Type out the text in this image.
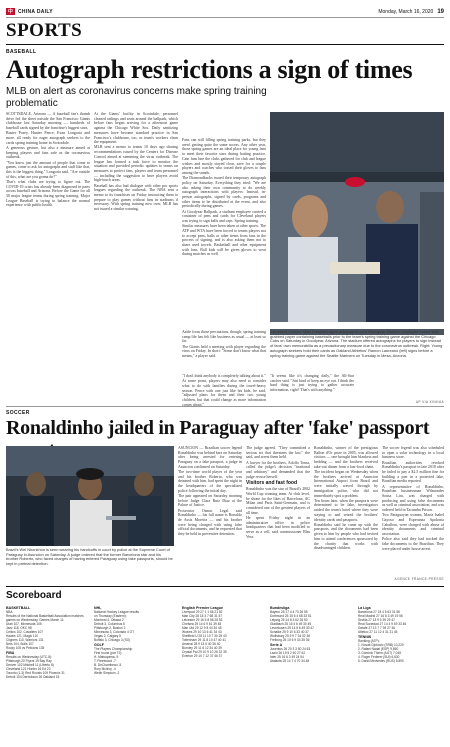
中 CHINA DAILY	Monday, March 16, 2020 19
SPORTS
BASEBALL
Autograph restrictions a sign of times
MLB on alert as coronavirus concerns make spring training problematic

SCOTTSDALE, Arizona — A baseball fan's thumb drive fed the sheet outside the San Francisco Giants clubhouse last Saturday morning — hundreds of baseball cards signed by the franchise's biggest stars.

Buster Posey, Hunter Pence, Evan Longoria and more, all ready for eager autograph seekers to the cards spring training home in Scottsdale.

A generous gesture, but also a measure aimed at keeping players and fans safe as the coronavirus outbreak.

"You know just the amount of people that come to games, come to ask for autographs and stuff like that, this is the biggest thing," Longoria said. "Are outside of this, what are you gonna do?"

That's what clubs are trying to figure out. The COVID-19 crisis has already been diagnosed in parts across baseball and Arizona. Before the Game for all 30 major league teams during spring training, Major League Baseball is trying to balance the normal experience with public health.

At the Giants' facility in Scottsdale, personnel cleaned railings and seats around the ballpark, which before fans began arriving for a afternoon game against the Chicago White Sox. Daily sanitizing measures have become standard practice in San Francisco's clubhouse, too, as team's workers clean the equipment.

MLB sent a memo to teams 10 days ago sharing recommendations issued by the Centers for Disease Control aimed at stemming the virus outbreak. The league has formed a task force to monitor the situation and provided periodic updates to teams on measures to protect fans, players and team personnel — including the suggestion to have players avoid high-touch areas.

Baseball has also had dialogue with other pro sports leagues regarding the outbreak. The NBA sent a memo to its franchises on Friday instructing them to prepare to play games without fans in stadiums if necessary. With spring training now over, MLB has not issued a similar warning.

Fans can still filling spring training parks, but they aren't getting quite the same access. Any other year, those spring games are an ideal place for young fans to meet their favorite stars during batting practice. Cain fans line the clubs gathered for club and league wishes and mostly stayed clear, save for a couple players and coaches who tossed their gloves to fans among the stands.

The Diamondbacks issued their temporary autograph policy on Saturday. Everything they tried: "We are also asking their own community to do weekly autograph interactions with players. Instead, in-person autographs, signed by cards, programs and other items to be distributed at the event, and also periodically during games.

At Goodyear Ballpark, a stadium employee carried a container of pens and cards for Cleveland players was trying to sign balls and caps. Spring training.

Similar measures have been taken at other sports. The ATP and WTA have been forced to tennis players not to accept pens, balls or other items from fans in the process of signing, and is also asking them not to share used towels. Basketball and other equipment with fans. Ball kids will be given gloves to wear during matches as well.

Aside from those precautions, though, spring training camp life has felt like business as usual — at least so far.

The Giants held a meeting with player regarding the virus on Friday. In short: "Some don't know what that means," a player said.

Cleveland Indians' Mike Freeman signs autographs on a Goodyear Stadium employee before fans grabbed paper containing baseballs prior to the team's spring training game against the Chicago Cubs on Saturday in Goodyear, Arizona. The stadium offered autographs for players to sign instead of fans' own memorabilia as a precautionary measure due to the coronavirus outbreak. Right: Young autograph seekers hold their cards as Oakland Athletics' Ramon Laureano (left) signs before a spring training game against the Seattle Mariners on Tuesday in Mesa, Arizona.

"I don't think anybody is completely talking about it."

At some point, players may also need to consider what to do with families during the travel-heavy season. Pence with one just like his kids, he said, "adjusted plans for them and their two young children, but that could change as more information comes about."

"It seems like it's changing daily," the All-Star catcher said. "Just kind of keep an eye out. I think the hard thing is just trying to gather accurate information, right? That's with anything."

AP VIA XINHUA
SOCCER
Ronaldinho jailed in Paraguay after 'fake' passport
Brazil's Wei Nhonkhon is seen wearing his handcuffs in court by police at the Supreme Court of Paraguay in Asuncion on Saturday. A judge ordered that the former Barcelona star and his brother Roberto, who faced charges of having entered Paraguay using fake passports, should be kept in pretrial detention.

ASUNCION — Brazilian soccer legend Ronaldinho was behind bars on Saturday after being arrested for entering Paraguay on a fake passport, a judge in Asuncion confirmed on Saturday.

The two-time world player of the year and his brother Roberto, who was detained with him, had spent the night in the headquarters of the specialized police following the initial day.

The pair appeared on Saturday morning before Judge Clara Ruiz Diaz at the Palace of Justice.

Prosecutor Osmar Legal said Ronaldinho — his full name is Ronaldo de Assis Moreira — and his brother were being charged with using false official documents, and he requested that they be held in preventive detention.

The judge agreed. "They committed a serious act that threatens the law," she said, and arrest them held.

A lawyer for the brothers, Adolfo Torna, called the judge's decision "irrational and arbitrary" and demanded that the judge recuse herself.

Visitors and fast food

Ronaldinho was the star of Brazil's 2002 World Cup winning team. At club level, he shone for the likes of Barcelona, AC Milan and Paris Saint-Germain, and is considered one of the greatest players of all time.

He spent Friday night in an administrative office in police headquarters that had been modified to serve as a cell, said commissioner Blas Vera.

Ronaldinho, winner of the prestigious Ballon d'Or prize in 2005, was allowed visitors — one brought him blankets and bedding — and the brothers received take-out dinner from a fast-food chain.

The incident began on Wednesday when the brothers arrived at Asuncion International Airport from Brazil and were initially waved through by immigration police, who did not immediately spot a problem.

Ten hours later, when the passports were determined to be fake, investigators raided the team's hotel where they were staying to and seized the brothers' identity cards and passports.

Ronaldinho said he came up with the passports, and the documents had been given to him by people who had invited him to attend conferences sponsored by the charity that works with disadvantaged children.

The soccer legend was also scheduled to open a solar technology in a local business store.

Brazilian authorities revoked Ronaldinho's passport in late 2018 after he failed to pay a $2.5 million fine for building a pier in a protected lake, Brazilian media reported.

A representative of Ronaldinho, Brazilian businessman Wilmondes Sousa Lira, was charged with producing and using false documents as well as criminal association, and was ordered held in Tacumbu Prison.

Two Paraguayan women, María Isabel Gayoso and Esperanza Apolonia Caballero, were charged with abuse of identity documents and criminal association.

Police also said they had tracked the fake documents to the Brazilian. They were placed under house arrest.

AGENCE FRANCE-PRESSE
Scoreboard
BASKETBALL
NBA
Results of the National Basketball Association matches
games on Wednesday, Games March 11:
Utah 107, Minnesota 105
Jazz 118, OKC 98
Celtics 102, Cavaliers 107
Hawks 121, Magic 110
Clippers 110, Warriors 131
Nets 104, Bulls 107
Rocky 105 vs Pelicans 135
FIBA
Results on Wednesday (UTC-8):
Pittsburgh 20 Flyers 19 Bay Ray
Denver 102 Mitchell 11 (Liberto 8)
Cleveland 121 Hunter 16 Ed 23
Toronto (1-3) Red Roosts 109 Phoenix 31
Detroit 104 Derrickson 26 Oakland 15
NHL
National Hockey League results
on Thursday (Eastern):
Montreal 4, Ottawa 2
Detroit 3, Columbus 5
Pittsburgh 2, Boston 2
Minnesota 3, Colorado 4 OT
Vegas 2, Calgary 5
Buffalo 3, Chicago 3 (SO)
GOLF
The Players Championship
First round (par 72):
H. Matsuyama -9
T. Fleetwood -7
B. DeChambeau -5
Rory McIlroy -4
Webb Simpson -2
English Premier League
Liverpool 29 27 1 1 66 21 82
Man City 28 18 3 7 68 31 57
Leicester 29 16 5 8 58 28 53
Chelsea 29 14 6 9 51 39 48
Man Utd 29 12 9 8 44 30 45
Wolves 29 10 13 6 41 34 43
Sheffield U 28 11 10 7 30 25 43
Tottenham 29 11 8 10 47 40 41
Arsenal 28 9 13 6 40 36 40
Burnley 29 11 6 12 34 40 39
Crystal Pal 29 10 9 10 26 32 39
Everton 29 10 7 12 37 46 37
Bundesliga
Bayern 25 17 4 4 73 26 55
Dortmund 25 15 6 4 68 33 51
Leipzig 25 14 8 3 62 26 50
Gladbach 25 15 4 6 49 30 49
Leverkusen 25 14 5 6 45 30 47
Schalke 25 9 10 6 33 40 37
Wolfsburg 25 9 9 7 34 32 36
Freiburg 25 10 6 9 34 35 36
Serie A
Juventus 26 20 3 3 50 24 63
Lazio 26 19 5 2 60 27 62
Inter 25 16 6 3 49 24 54
Atalanta 25 14 7 4 70 34 48
La Liga
Barcelona 27 18 4 5 63 31 58
Real Madrid 27 16 8 3 49 19 56
Sevilla 27 13 9 5 39 29 47
Real Sociedad 27 14 4 9 49 33 46
Getafe 27 13 7 7 39 27 46
Atletico 27 11 12 4 31 21 45
TENNIS
Ranking (ATP):
1. Novak Djokovic (SRB) 10,220
2. Rafael Nadal (ESP) 9,850
3. Dominic Thiem (AUT) 7,045
4. Roger Federer (SUI) 6,630
5. Daniil Medvedev (RUS) 5,890
